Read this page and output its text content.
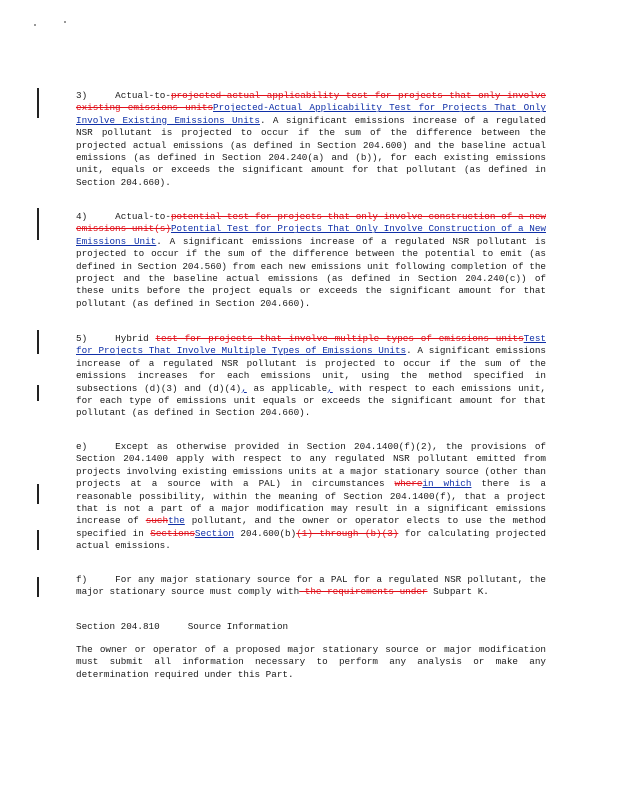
3)	Actual-to-projected-actual applicability test for projects that only involve existing emissions unitsProjected-Actual Applicability Test for Projects That Only Involve Existing Emissions Units. A significant emissions increase of a regulated NSR pollutant is projected to occur if the sum of the difference between the projected actual emissions (as defined in Section 204.600) and the baseline actual emissions (as defined in Section 204.240(a) and (b)), for each existing emissions unit, equals or exceeds the significant amount for that pollutant (as defined in Section 204.660).
4)	Actual-to-potential test for projects that only involve construction of a new emissions unit(s)Potential Test for Projects That Only Involve Construction of a New Emissions Unit. A significant emissions increase of a regulated NSR pollutant is projected to occur if the sum of the difference between the potential to emit (as defined in Section 204.560) from each new emissions unit following completion of the project and the baseline actual emissions (as defined in Section 204.240(c)) of these units before the project equals or exceeds the significant amount for that pollutant (as defined in Section 204.660).
5)	Hybrid test for projects that involve multiple types of emissions unitsTest for Projects That Involve Multiple Types of Emissions Units. A significant emissions increase of a regulated NSR pollutant is projected to occur if the sum of the emissions increases for each emissions unit, using the method specified in subsections (d)(3) and (d)(4), as applicable, with respect to each emissions unit, for each type of emissions unit equals or exceeds the significant amount for that pollutant (as defined in Section 204.660).
e)	Except as otherwise provided in Section 204.1400(f)(2), the provisions of Section 204.1400 apply with respect to any regulated NSR pollutant emitted from projects involving existing emissions units at a major stationary source (other than projects at a source with a PAL) in circumstances wherein which there is a reasonable possibility, within the meaning of Section 204.1400(f), that a project that is not a part of a major modification may result in a significant emissions increase of suchthe pollutant, and the owner or operator elects to use the method specified in SectionsSection 204.600(b)(1) through (b)(3) for calculating projected actual emissions.
f)	For any major stationary source for a PAL for a regulated NSR pollutant, the major stationary source must comply with the requirements under Subpart K.
Section 204.810	Source Information
The owner or operator of a proposed major stationary source or major modification must submit all information necessary to perform any analysis or make any determination required under this Part.
